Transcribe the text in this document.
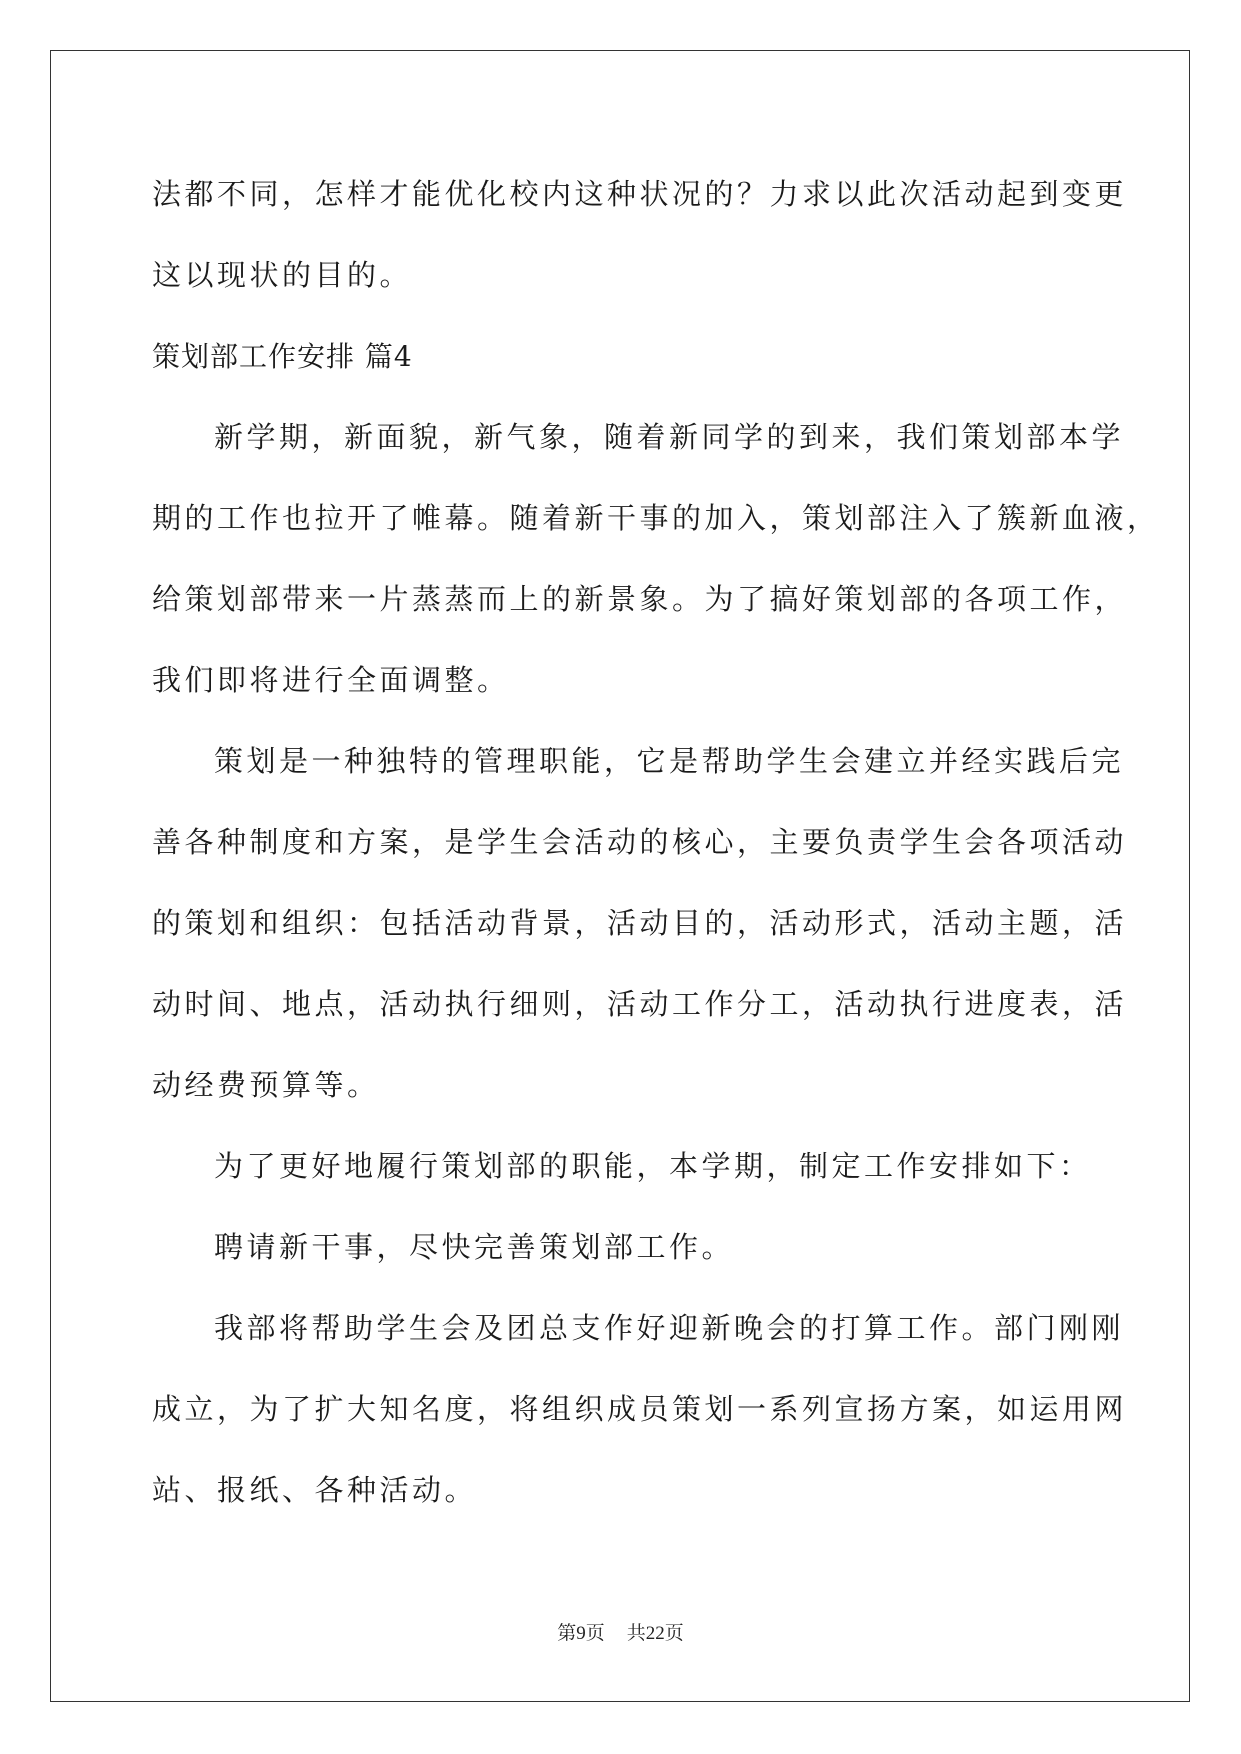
法都不同，怎样才能优化校内这种状况的？力求以此次活动起到变更
这以现状的目的。
策划部工作安排 篇4
新学期，新面貌，新气象，随着新同学的到来，我们策划部本学
期的工作也拉开了帷幕。随着新干事的加入，策划部注入了簇新血液，
给策划部带来一片蒸蒸而上的新景象。为了搞好策划部的各项工作，
我们即将进行全面调整。
策划是一种独特的管理职能，它是帮助学生会建立并经实践后完
善各种制度和方案，是学生会活动的核心，主要负责学生会各项活动
的策划和组织：包括活动背景，活动目的，活动形式，活动主题，活
动时间、地点，活动执行细则，活动工作分工，活动执行进度表，活
动经费预算等。
为了更好地履行策划部的职能，本学期，制定工作安排如下：
聘请新干事，尽快完善策划部工作。
我部将帮助学生会及团总支作好迎新晚会的打算工作。部门刚刚
成立，为了扩大知名度，将组织成员策划一系列宣扬方案，如运用网
站、报纸、各种活动。
第9页 共22页
